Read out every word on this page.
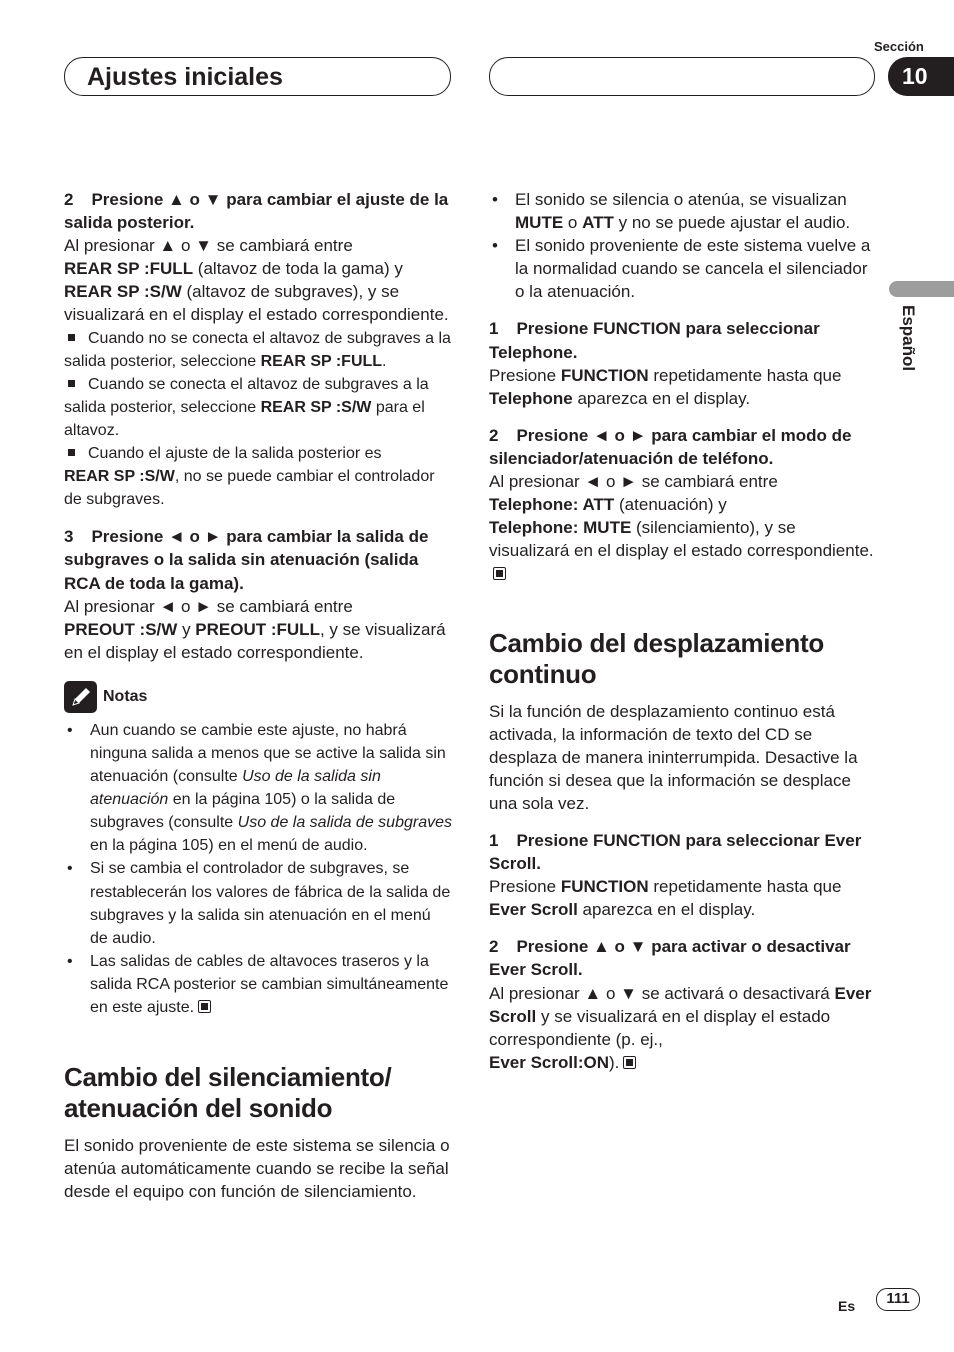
Ajustes iniciales
Sección
10
Español

2 Presione ▲ o ▼ para cambiar el ajuste de la salida posterior.

Al presionar ▲ o ▼ se cambiará entre
REAR SP :FULL (altavoz de toda la gama) y
REAR SP :S/W (altavoz de subgraves), y se visualizará en el display el estado correspondiente.

Cuando no se conecta el altavoz de subgraves a la salida posterior, seleccione REAR SP :FULL.

Cuando se conecta el altavoz de subgraves a la salida posterior, seleccione REAR SP :S/W para el altavoz.

Cuando el ajuste de la salida posterior es
REAR SP :S/W, no se puede cambiar el controlador de subgraves.

3 Presione ◄ o ► para cambiar la salida de subgraves o la salida sin atenuación (salida RCA de toda la gama).

Al presionar ◄ o ► se cambiará entre
PREOUT :S/W y PREOUT :FULL, y se visualizará en el display el estado correspondiente.

Notas
• Aun cuando se cambie este ajuste, no habrá ninguna salida a menos que se active la salida sin atenuación (consulte Uso de la salida sin atenuación en la página 105) o la salida de subgraves (consulte Uso de la salida de subgraves en la página 105) en el menú de audio.
• Si se cambia el controlador de subgraves, se restablecerán los valores de fábrica de la salida de subgraves y la salida sin atenuación en el menú de audio.
• Las salidas de cables de altavoces traseros y la salida RCA posterior se cambian simultáneamente en este ajuste.
Cambio del silenciamiento/ atenuación del sonido

El sonido proveniente de este sistema se silencia o atenúa automáticamente cuando se recibe la señal desde el equipo con función de silenciamiento.

• El sonido se silencia o atenúa, se visualizan MUTE o ATT y no se puede ajustar el audio.
• El sonido proveniente de este sistema vuelve a la normalidad cuando se cancela el silenciador o la atenuación.

1 Presione FUNCTION para seleccionar Telephone.

Presione FUNCTION repetidamente hasta que Telephone aparezca en el display.

2 Presione ◄ o ► para cambiar el modo de silenciador/atenuación de teléfono.

Al presionar ◄ o ► se cambiará entre
Telephone: ATT (atenuación) y
Telephone: MUTE (silenciamiento), y se visualizará en el display el estado correspondiente.

Cambio del desplazamiento continuo

Si la función de desplazamiento continuo está activada, la información de texto del CD se desplaza de manera ininterrumpida. Desactive la función si desea que la información se desplace una sola vez.

1 Presione FUNCTION para seleccionar Ever Scroll.

Presione FUNCTION repetidamente hasta que Ever Scroll aparezca en el display.

2 Presione ▲ o ▼ para activar o desactivar Ever Scroll.

Al presionar ▲ o ▼ se activará o desactivará Ever Scroll y se visualizará en el display el estado correspondiente (p. ej.,
Ever Scroll:ON).

Es	111
